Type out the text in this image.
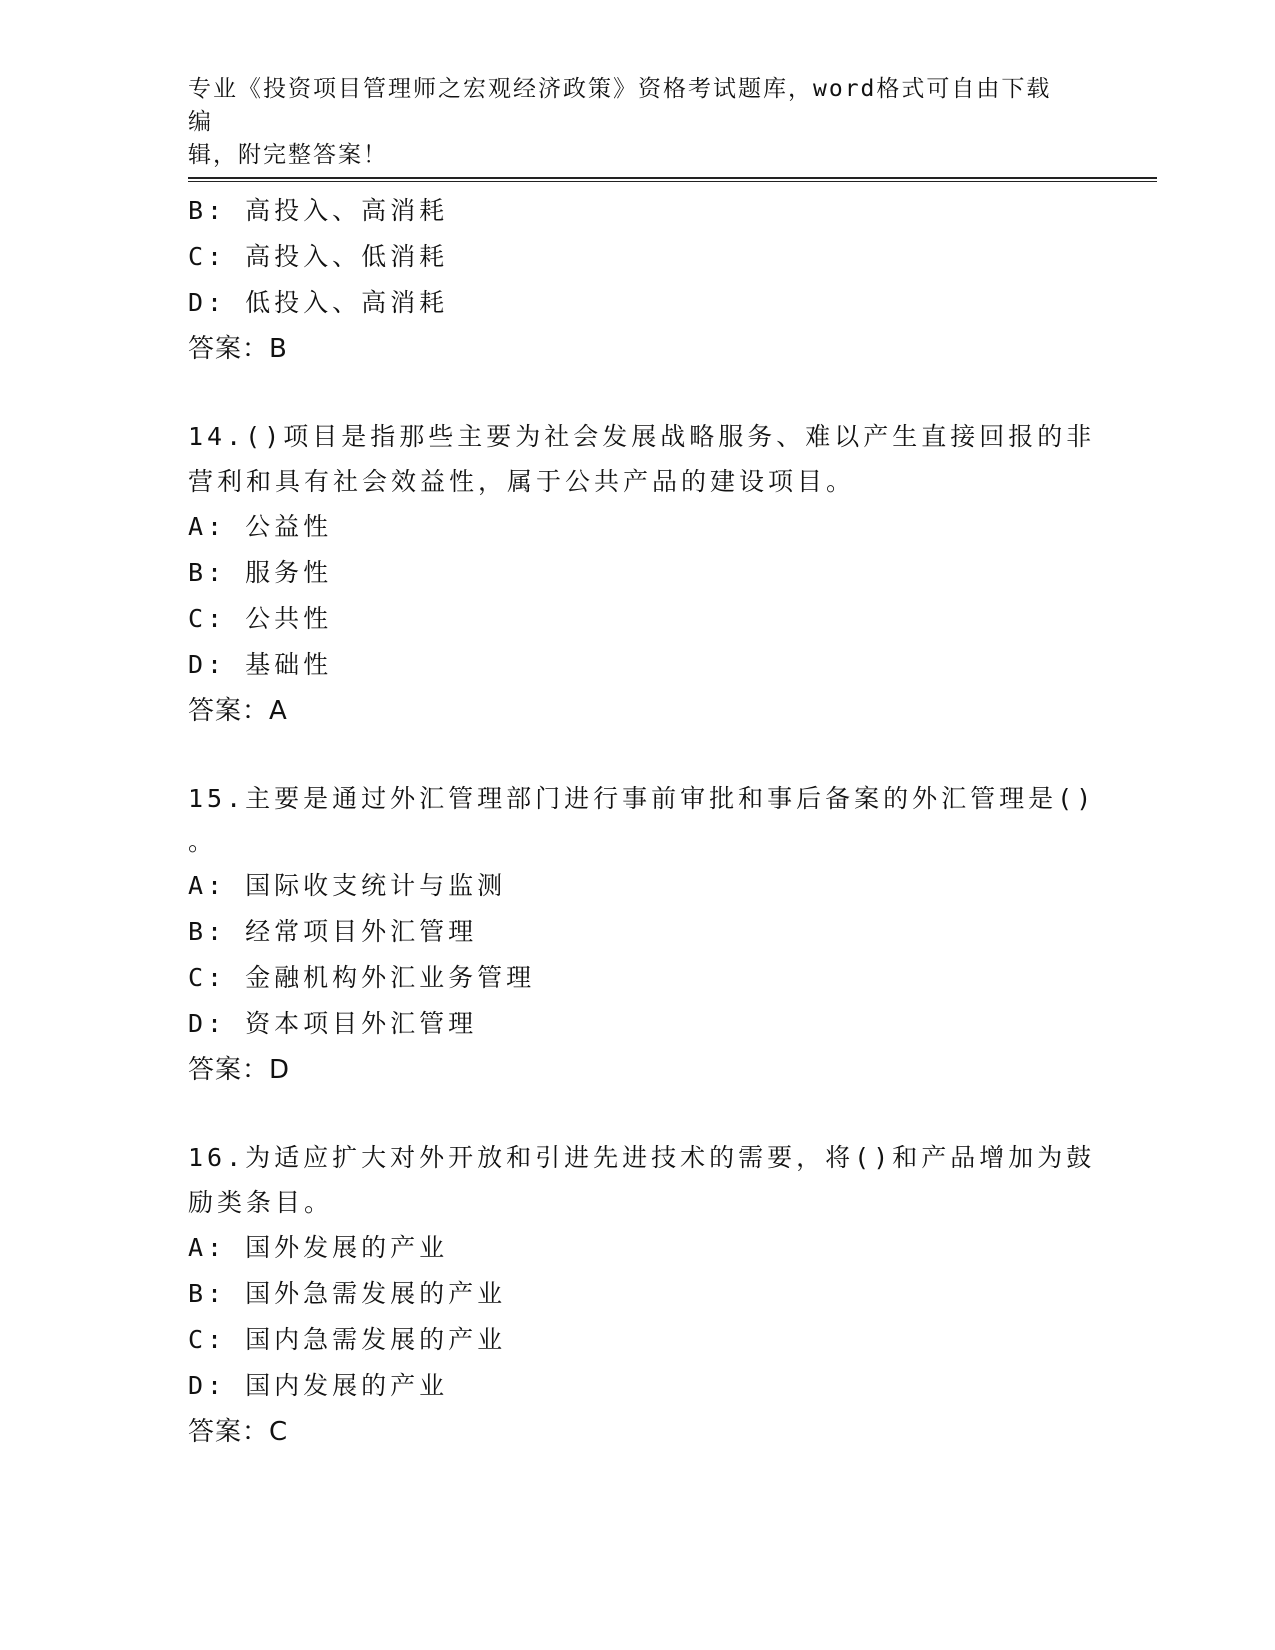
专业《投资项目管理师之宏观经济政策》资格考试题库，word格式可自由下载编
辑，附完整答案！
B: 高投入、高消耗
C: 高投入、低消耗
D: 低投入、高消耗
答案：B
14.()项目是指那些主要为社会发展战略服务、难以产生直接回报的非
营利和具有社会效益性，属于公共产品的建设项目。
A: 公益性
B: 服务性
C: 公共性
D: 基础性
答案：A
15.主要是通过外汇管理部门进行事前审批和事后备案的外汇管理是()
。
A: 国际收支统计与监测
B: 经常项目外汇管理
C: 金融机构外汇业务管理
D: 资本项目外汇管理
答案：D
16.为适应扩大对外开放和引进先进技术的需要，将()和产品增加为鼓
励类条目。
A: 国外发展的产业
B: 国外急需发展的产业
C: 国内急需发展的产业
D: 国内发展的产业
答案：C
